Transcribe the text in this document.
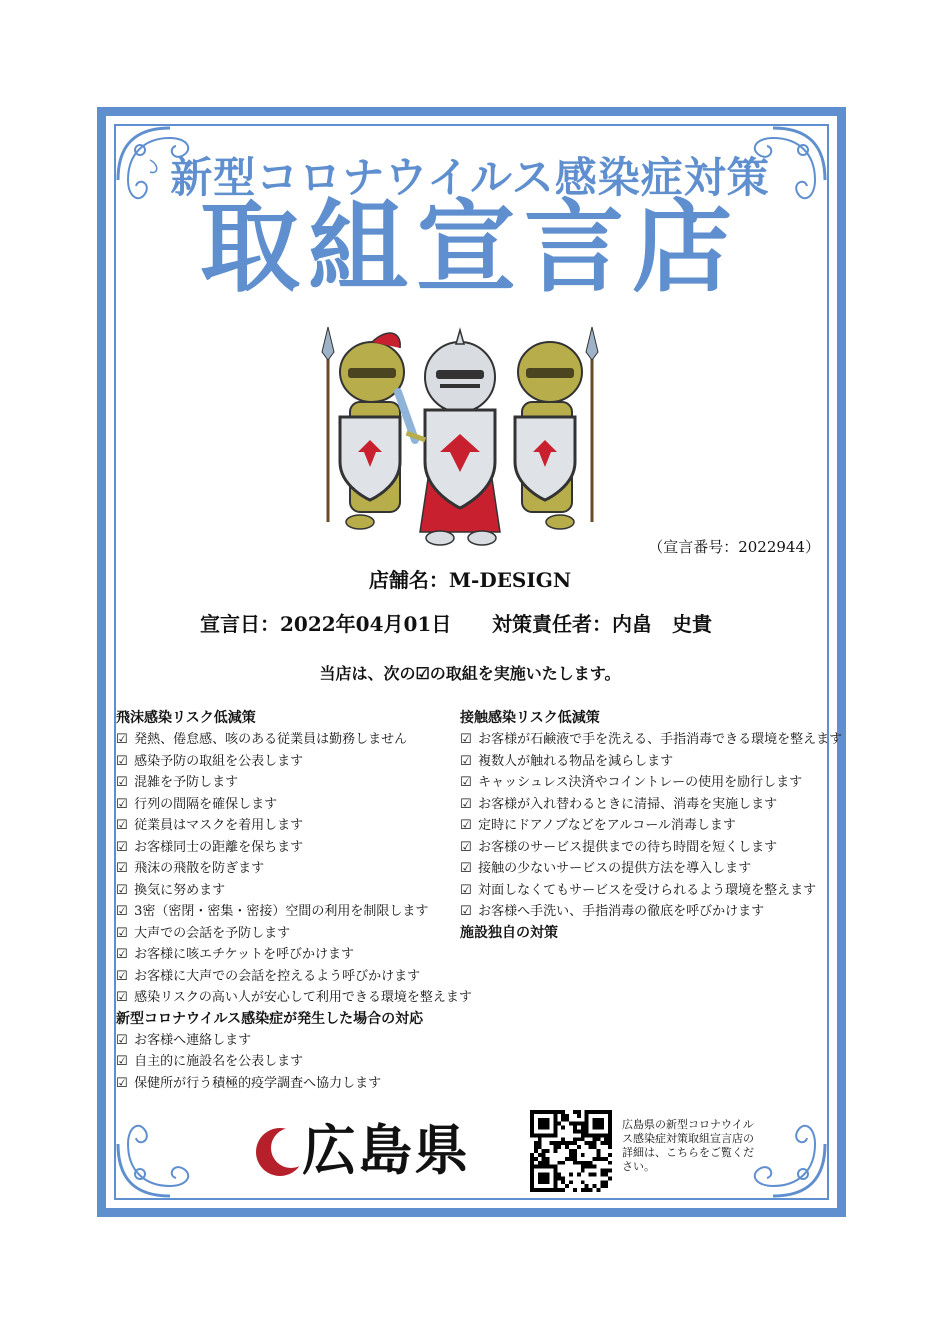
新型コロナウイルス感染症対策
取組宣言店
（宣言番号：2022944）
店舗名：M-DESIGN
宣言日：2022年04月01日 対策責任者：内畠　史貴
当店は、次の☑の取組を実施いたします。
飛沫感染リスク低減策
☑ 発熱、倦怠感、咳のある従業員は勤務しません
☑ 感染予防の取組を公表します
☑ 混雑を予防します
☑ 行列の間隔を確保します
☑ 従業員はマスクを着用します
☑ お客様同士の距離を保ちます
☑ 飛沫の飛散を防ぎます
☑ 換気に努めます
☑ 3密（密閉・密集・密接）空間の利用を制限します
☑ 大声での会話を予防します
☑ お客様に咳エチケットを呼びかけます
☑ お客様に大声での会話を控えるよう呼びかけます
☑ 感染リスクの高い人が安心して利用できる環境を整えます
新型コロナウイルス感染症が発生した場合の対応
☑ お客様へ連絡します
☑ 自主的に施設名を公表します
☑ 保健所が行う積極的疫学調査へ協力します
接触感染リスク低減策
☑ お客様が石鹸液で手を洗える、手指消毒できる環境を整えます
☑ 複数人が触れる物品を減らします
☑ キャッシュレス決済やコイントレーの使用を励行します
☑ お客様が入れ替わるときに清掃、消毒を実施します
☑ 定時にドアノブなどをアルコール消毒します
☑ お客様のサービス提供までの待ち時間を短くします
☑ 接触の少ないサービスの提供方法を導入します
☑ 対面しなくてもサービスを受けられるよう環境を整えます
☑ お客様へ手洗い、手指消毒の徹底を呼びかけます
施設独自の対策
広島県	広島県の新型コロナウイルス感染症対策取組宣言店の詳細は、こちらをご覧ください。
